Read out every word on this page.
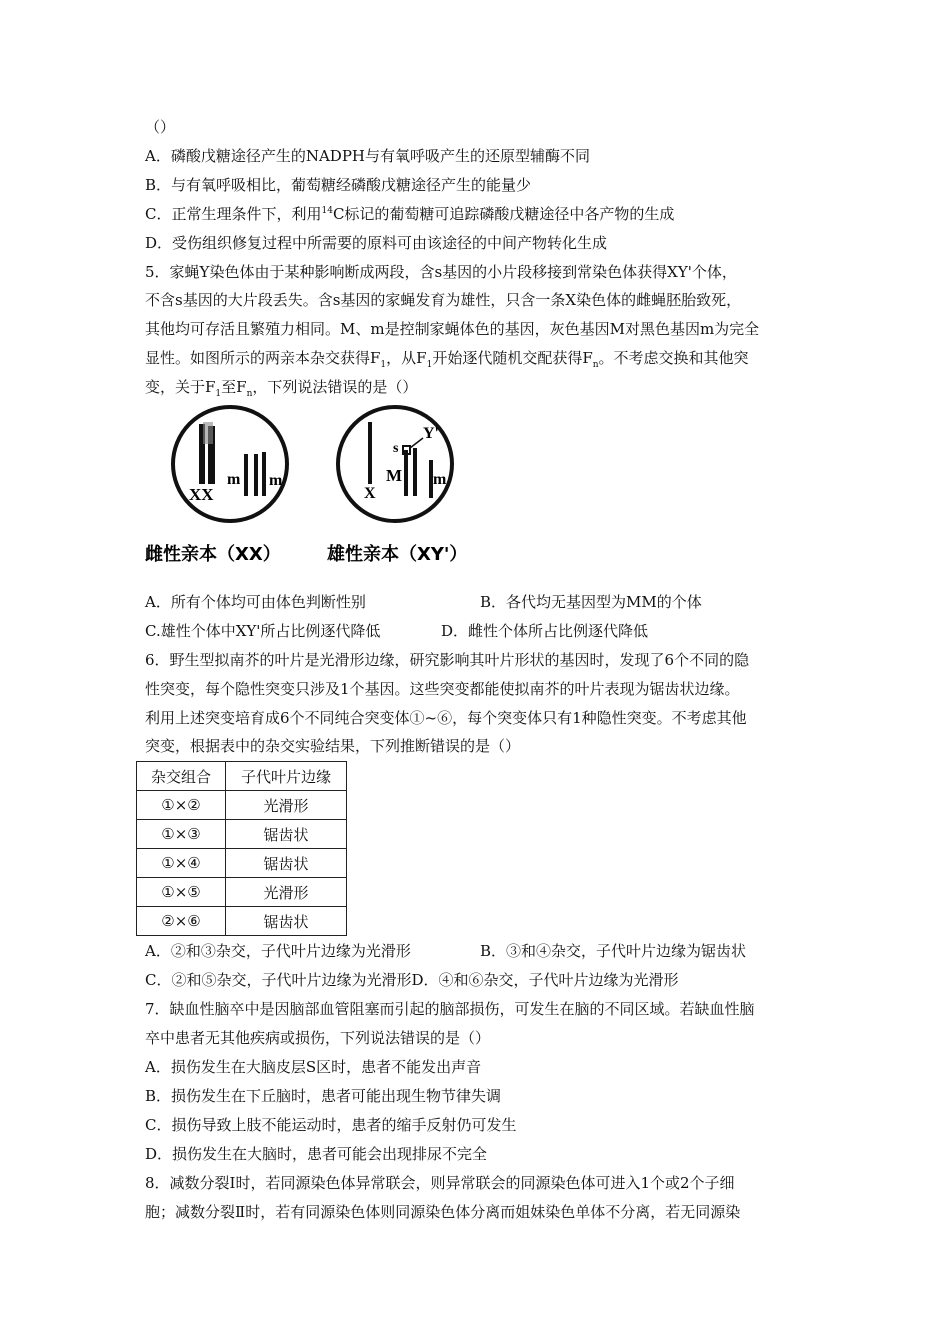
（）
A．磷酸戊糖途径产生的NADPH与有氧呼吸产生的还原型辅酶不同
B．与有氧呼吸相比，葡萄糖经磷酸戊糖途径产生的能量少
C．正常生理条件下，利用$^{14}$C标记的葡萄糖可追踪磷酸戊糖途径中各产物的生成
D．受伤组织修复过程中所需要的原料可由该途径的中间产物转化生成
5．家蝇Y染色体由于某种影响断成两段，含s基因的小片段移接到常染色体获得XY'个体，
不含s基因的大片段丢失。含s基因的家蝇发育为雄性，只含一条X染色体的雌蝇胚胎致死，
其他均可存活且繁殖力相同。M、m是控制家蝇体色的基因，灰色基因M对黑色基因m为完全
显性。如图所示的两亲本杂交获得$F_1$，从$F_1$开始逐代随机交配获得$F_n$。不考虑交换和其他突
变，关于$F_1$至$F_n$，下列说法错误的是（）
XX
m m
X
s
M m
Y'
雌性亲本（XX）	雄性亲本（XY'）
A．所有个体均可由体色判断性别	B．各代均无基因型为MM的个体
C.雄性个体中XY'所占比例逐代降低	D．雌性个体所占比例逐代降低
6．野生型拟南芥的叶片是光滑形边缘，研究影响其叶片形状的基因时，发现了6个不同的隐
性突变，每个隐性突变只涉及1个基因。这些突变都能使拟南芥的叶片表现为锯齿状边缘。
利用上述突变培育成6个不同纯合突变体①~⑥，每个突变体只有1种隐性突变。不考虑其他
突变，根据表中的杂交实验结果，下列推断错误的是（）
杂交组合	子代叶片边缘
①×②	光滑形
①×③	锯齿状
①×④	锯齿状
①×⑤	光滑形
②×⑥	锯齿状
A．②和③杂交，子代叶片边缘为光滑形	B．③和④杂交，子代叶片边缘为锯齿状
C．②和⑤杂交，子代叶片边缘为光滑形D．④和⑥杂交，子代叶片边缘为光滑形
7．缺血性脑卒中是因脑部血管阻塞而引起的脑部损伤，可发生在脑的不同区域。若缺血性脑
卒中患者无其他疾病或损伤，下列说法错误的是（）
A．损伤发生在大脑皮层S区时，患者不能发出声音
B．损伤发生在下丘脑时，患者可能出现生物节律失调
C．损伤导致上肢不能运动时，患者的缩手反射仍可发生
D．损伤发生在大脑时，患者可能会出现排尿不完全
8．减数分裂Ⅰ时，若同源染色体异常联会，则异常联会的同源染色体可进入1个或2个子细
胞；减数分裂Ⅱ时，若有同源染色体则同源染色体分离而姐妹染色单体不分离，若无同源染
